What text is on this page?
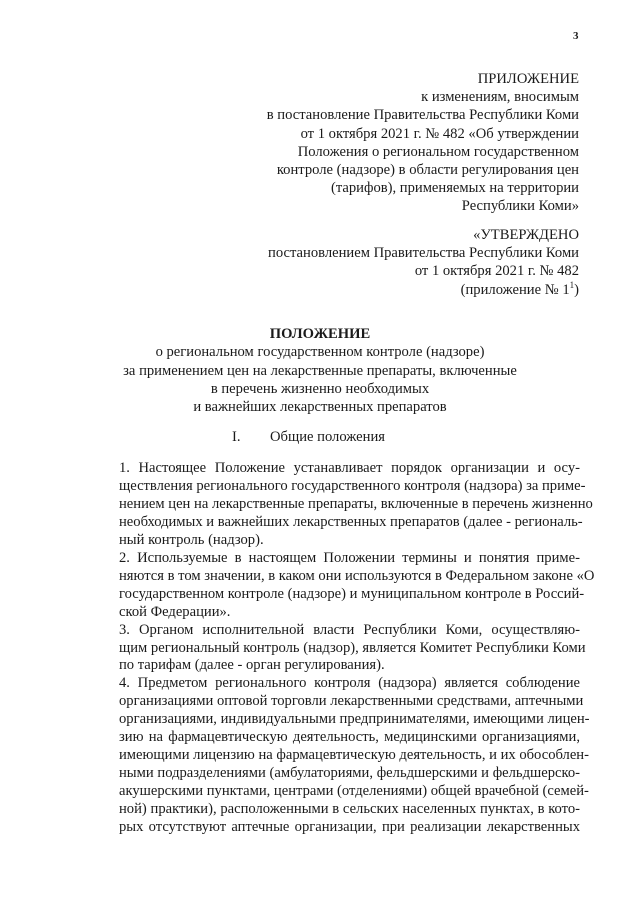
3
ПРИЛОЖЕНИЕ
к изменениям, вносимым
в постановление Правительства Республики Коми
от 1 октября 2021 г. № 482 «Об утверждении
Положения о региональном государственном
контроле (надзоре) в области регулирования цен
(тарифов), применяемых на территории
Республики Коми»
«УТВЕРЖДЕНО
постановлением Правительства Республики Коми
от 1 октября 2021 г. № 482
(приложение № $1^1$)
ПОЛОЖЕНИЕ
о региональном государственном контроле (надзоре)
за применением цен на лекарственные препараты, включенные
в перечень жизненно необходимых
и важнейших лекарственных препаратов
I. Общие положения

1. Настоящее Положение устанавливает порядок организации и осу-
ществления регионального государственного контроля (надзора) за приме-
нением цен на лекарственные препараты, включенные в перечень жизненно
необходимых и важнейших лекарственных препаратов (далее - региональ-
ный контроль (надзор).

2. Используемые в настоящем Положении термины и понятия приме-
няются в том значении, в каком они используются в Федеральном законе «О
государственном контроле (надзоре) и муниципальном контроле в Россий-
ской Федерации».

3. Органом исполнительной власти Республики Коми, осуществляю-
щим региональный контроль (надзор), является Комитет Республики Коми
по тарифам (далее - орган регулирования).

4. Предметом регионального контроля (надзора) является соблюдение
организациями оптовой торговли лекарственными средствами, аптечными
организациями, индивидуальными предпринимателями, имеющими лицен-
зию на фармацевтическую деятельность, медицинскими организациями,
имеющими лицензию на фармацевтическую деятельность, и их обособлен-
ными подразделениями (амбулаториями, фельдшерскими и фельдшерско-
акушерскими пунктами, центрами (отделениями) общей врачебной (семей-
ной) практики), расположенными в сельских населенных пунктах, в кото-
рых отсутствуют аптечные организации, при реализации лекарственных
